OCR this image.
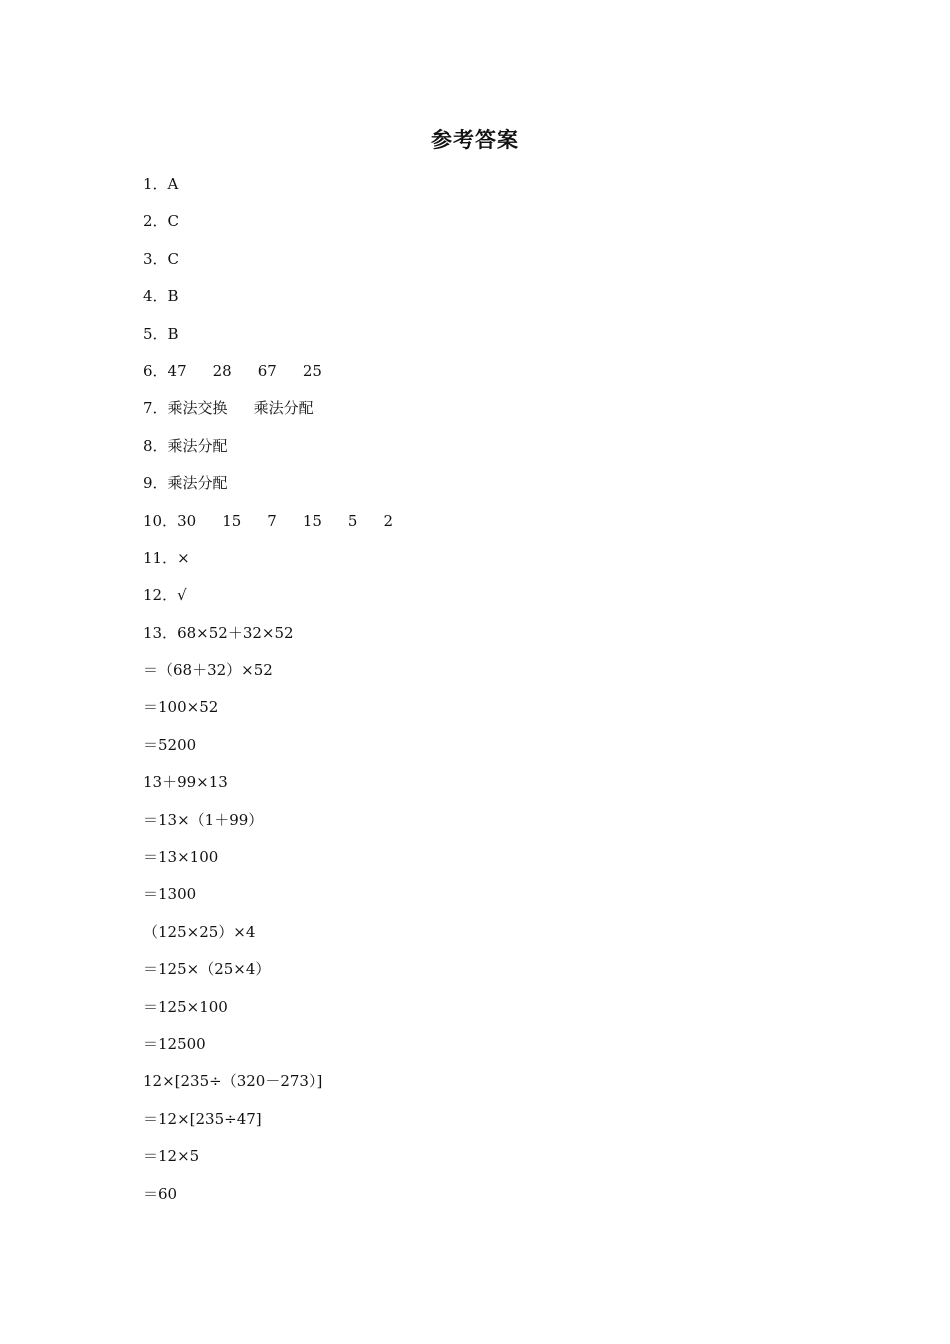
参考答案
1．A
2．C
3．C
4．B
5．B
6．47 28 67 25
7．乘法交换 乘法分配
8．乘法分配
9．乘法分配
10．30 15 7 15 5 2
11．×
12．√
13．68×52＋32×52
＝（68＋32）×52
＝100×52
＝5200
13＋99×13
＝13×（1＋99）
＝13×100
＝1300
（125×25）×4
＝125×（25×4）
＝125×100
＝12500
12×[235÷（320－273）]
＝12×[235÷47]
＝12×5
＝60
